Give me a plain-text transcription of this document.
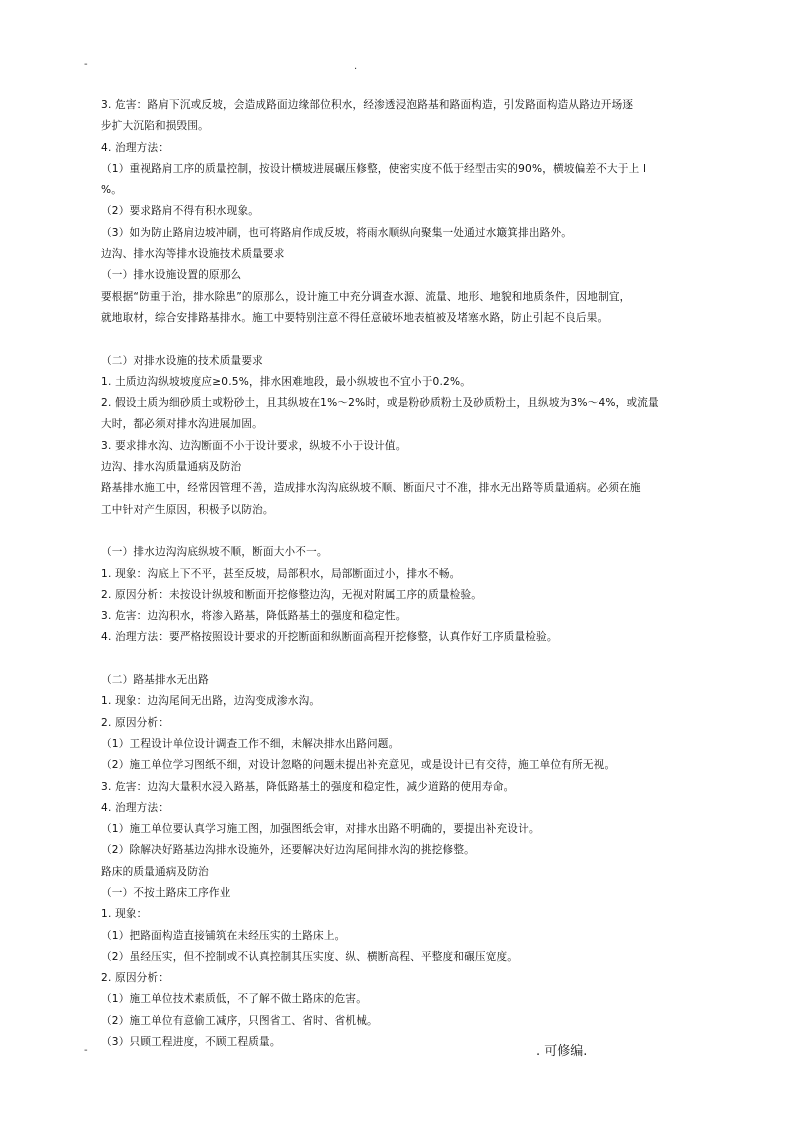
-	.
3. 危害：路肩下沉或反坡，会造成路面边缘部位积水，经渗透浸泡路基和路面构造，引发路面构造从路边开场逐
步扩大沉陷和损毁围。
4. 治理方法：
（1）重视路肩工序的质量控制，按设计横坡进展碾压修整，使密实度不低于经型击实的90%，横坡偏差不大于上 l
%。
（2）要求路肩不得有积水现象。
（3）如为防止路肩边坡冲刷，也可将路肩作成反坡，将雨水顺纵向聚集一处通过水簸箕排出路外。
边沟、排水沟等排水设施技术质量要求
（一）排水设施设置的原那么
要根据“防重于治，排水除患”的原那么，设计施工中充分调查水源、流量、地形、地貌和地质条件，因地制宜，
就地取材，综合安排路基排水。施工中要特别注意不得任意破坏地表植被及堵塞水路，防止引起不良后果。
（二）对排水设施的技术质量要求
1. 土质边沟纵坡坡度应≥0.5%，排水困难地段，最小纵坡也不宜小于0.2%。
2. 假设土质为细砂质土或粉砂土，且其纵坡在1%～2%时，或是粉砂质粉土及砂质粉土，且纵坡为3%～4%，或流量
大时，都必须对排水沟进展加固。
3. 要求排水沟、边沟断面不小于设计要求，纵坡不小于设计值。
边沟、排水沟质量通病及防治
路基排水施工中，经常因管理不善，造成排水沟沟底纵坡不顺、断面尺寸不准，排水无出路等质量通病。必须在施
工中针对产生原因，积极予以防治。
（一）排水边沟沟底纵坡不顺，断面大小不一。
1. 现象：沟底上下不平，甚至反坡，局部积水，局部断面过小，排水不畅。
2. 原因分析：未按设计纵坡和断面开挖修整边沟，无视对附属工序的质量检验。
3. 危害：边沟积水，将渗入路基，降低路基土的强度和稳定性。
4. 治理方法：要严格按照设计要求的开挖断面和纵断面高程开挖修整，认真作好工序质量检验。
（二）路基排水无出路
1. 现象：边沟尾间无出路，边沟变成渗水沟。
2. 原因分析：
（1）工程设计单位设计调查工作不细，未解决排水出路问题。
（2）施工单位学习图纸不细，对设计忽略的问题未提出补充意见，或是设计已有交待，施工单位有所无视。
3. 危害：边沟大量积水浸入路基，降低路基土的强度和稳定性，减少道路的使用寿命。
4. 治理方法：
（1）施工单位要认真学习施工图，加强图纸会审，对排水出路不明确的，要提出补充设计。
（2）除解决好路基边沟排水设施外，还要解决好边沟尾间排水沟的挑挖修整。
路床的质量通病及防治
（一）不按土路床工序作业
1. 现象：
（1）把路面构造直接铺筑在未经压实的土路床上。
（2）虽经压实，但不控制或不认真控制其压实度、纵、横断高程、平整度和碾压宽度。
2. 原因分析：
（1）施工单位技术素质低，不了解不做土路床的危害。
（2）施工单位有意偷工减序，只图省工、省时、省机械。
（3）只顾工程进度，不顾工程质量。
-	. 可修编.
